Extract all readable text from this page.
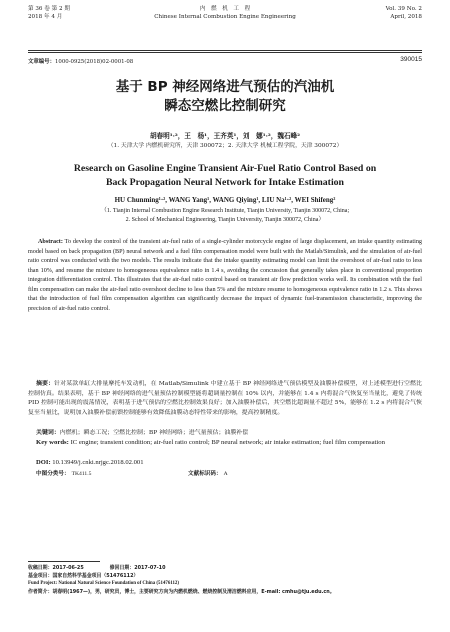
第 36 卷 第 2 期
2018 年 4 月
内　燃　机　工　程
Chinese Internal Combustion Engine Engineering
Vol. 39 No. 2
April, 2018
文章编号：1000-0925(2018)02-0001-08	390015
基于 BP 神经网络进气预估的汽油机
瞬态空燃比控制研究
胡春明¹·²，王　杨¹，王齐英¹，刘　娜¹·²，魏石峰²
（1. 天津大学 内燃机研究所，天津 300072；2. 天津大学 机械工程学院，天津 300072）
Research on Gasoline Engine Transient Air-Fuel Ratio Control Based on
Back Propagation Neural Network for Intake Estimation
HU Chunming¹·², WANG Yang¹, WANG Qiying¹, LIU Na¹·², WEI Shifeng²
（1. Tianjin Internal Combustion Engine Research Institute, Tianjin University, Tianjin 300072, China;
2. School of Mechanical Engineering, Tianjin University, Tianjin 300072, China）
Abstract: To develop the control of the transient air-fuel ratio of a single-cylinder motorcycle engine of large displacement, an intake quantity estimating model based on back propagation (BP) neural network and a fuel film compensation model were built with the Matlab/Simulink, and the simulation of air-fuel ratio control was conducted with the two models. The results indicate that the intake quantity estimating model can limit the overshoot of air-fuel ratio to less than 10%, and resume the mixture to homogeneous equivalence ratio in 1.4 s, avoiding the concussion that generally takes place in conventional proportion integration differentiation control. This illustrates that the air-fuel ratio control based on transient air flow prediction works well. Its combination with the fuel film compensation can make the air-fuel ratio overshoot decline to less than 5% and the mixture resume to homogeneous equivalence ratio in 1.2 s. This shows that the introduction of fuel film compensation algorithm can significantly decrease the impact of dynamic fuel-transmission characteristic, improving the precision of air-fuel ratio control.
摘要：针对某款单缸大排量摩托车发动机，在 Matlab/Simulink 中建立基于 BP 神经网络进气预估模型及油膜补偿模型，对上述模型进行空燃比控制仿真。结果表明，基于 BP 神经网络的进气量预估控制模型能将超调量控制在 10% 以内，并能够在 1.4 s 内将混合气恢复至当量比，避免了传统 PID 控制可能出现的震荡情况，表明基于进气预估的空燃比控制效果良好；加入油膜补偿后，其空燃比超调量不超过 5%，能够在 1.2 s 内将混合气恢复至当量比，说明加入油膜补偿前馈控制能够有效降低油膜动态特性带来的影响，提高控制精度。
关键词：内燃机；瞬态工况；空燃比控制；BP 神经网络；进气量预估；油膜补偿
Key words: IC engine; transient condition; air-fuel ratio control; BP neural network; air intake estimation; fuel film compensation
DOI: 10.13949/j.cnki.nrjgc.2018.02.001
中图分类号： TK411.5	文献标识码： A
收稿日期：2017-06-25	修回日期：2017-07-10
基金项目：国家自然科学基金项目（51476112）
Fund Project: National Natural Science Foundation of China (51476112)
作者简介：胡春明(1967—)，男，研究员，博士，主要研究方向为内燃机燃烧、燃烧控制及清洁燃料应用，E-mail: cmhu@tju.edu.cn。
